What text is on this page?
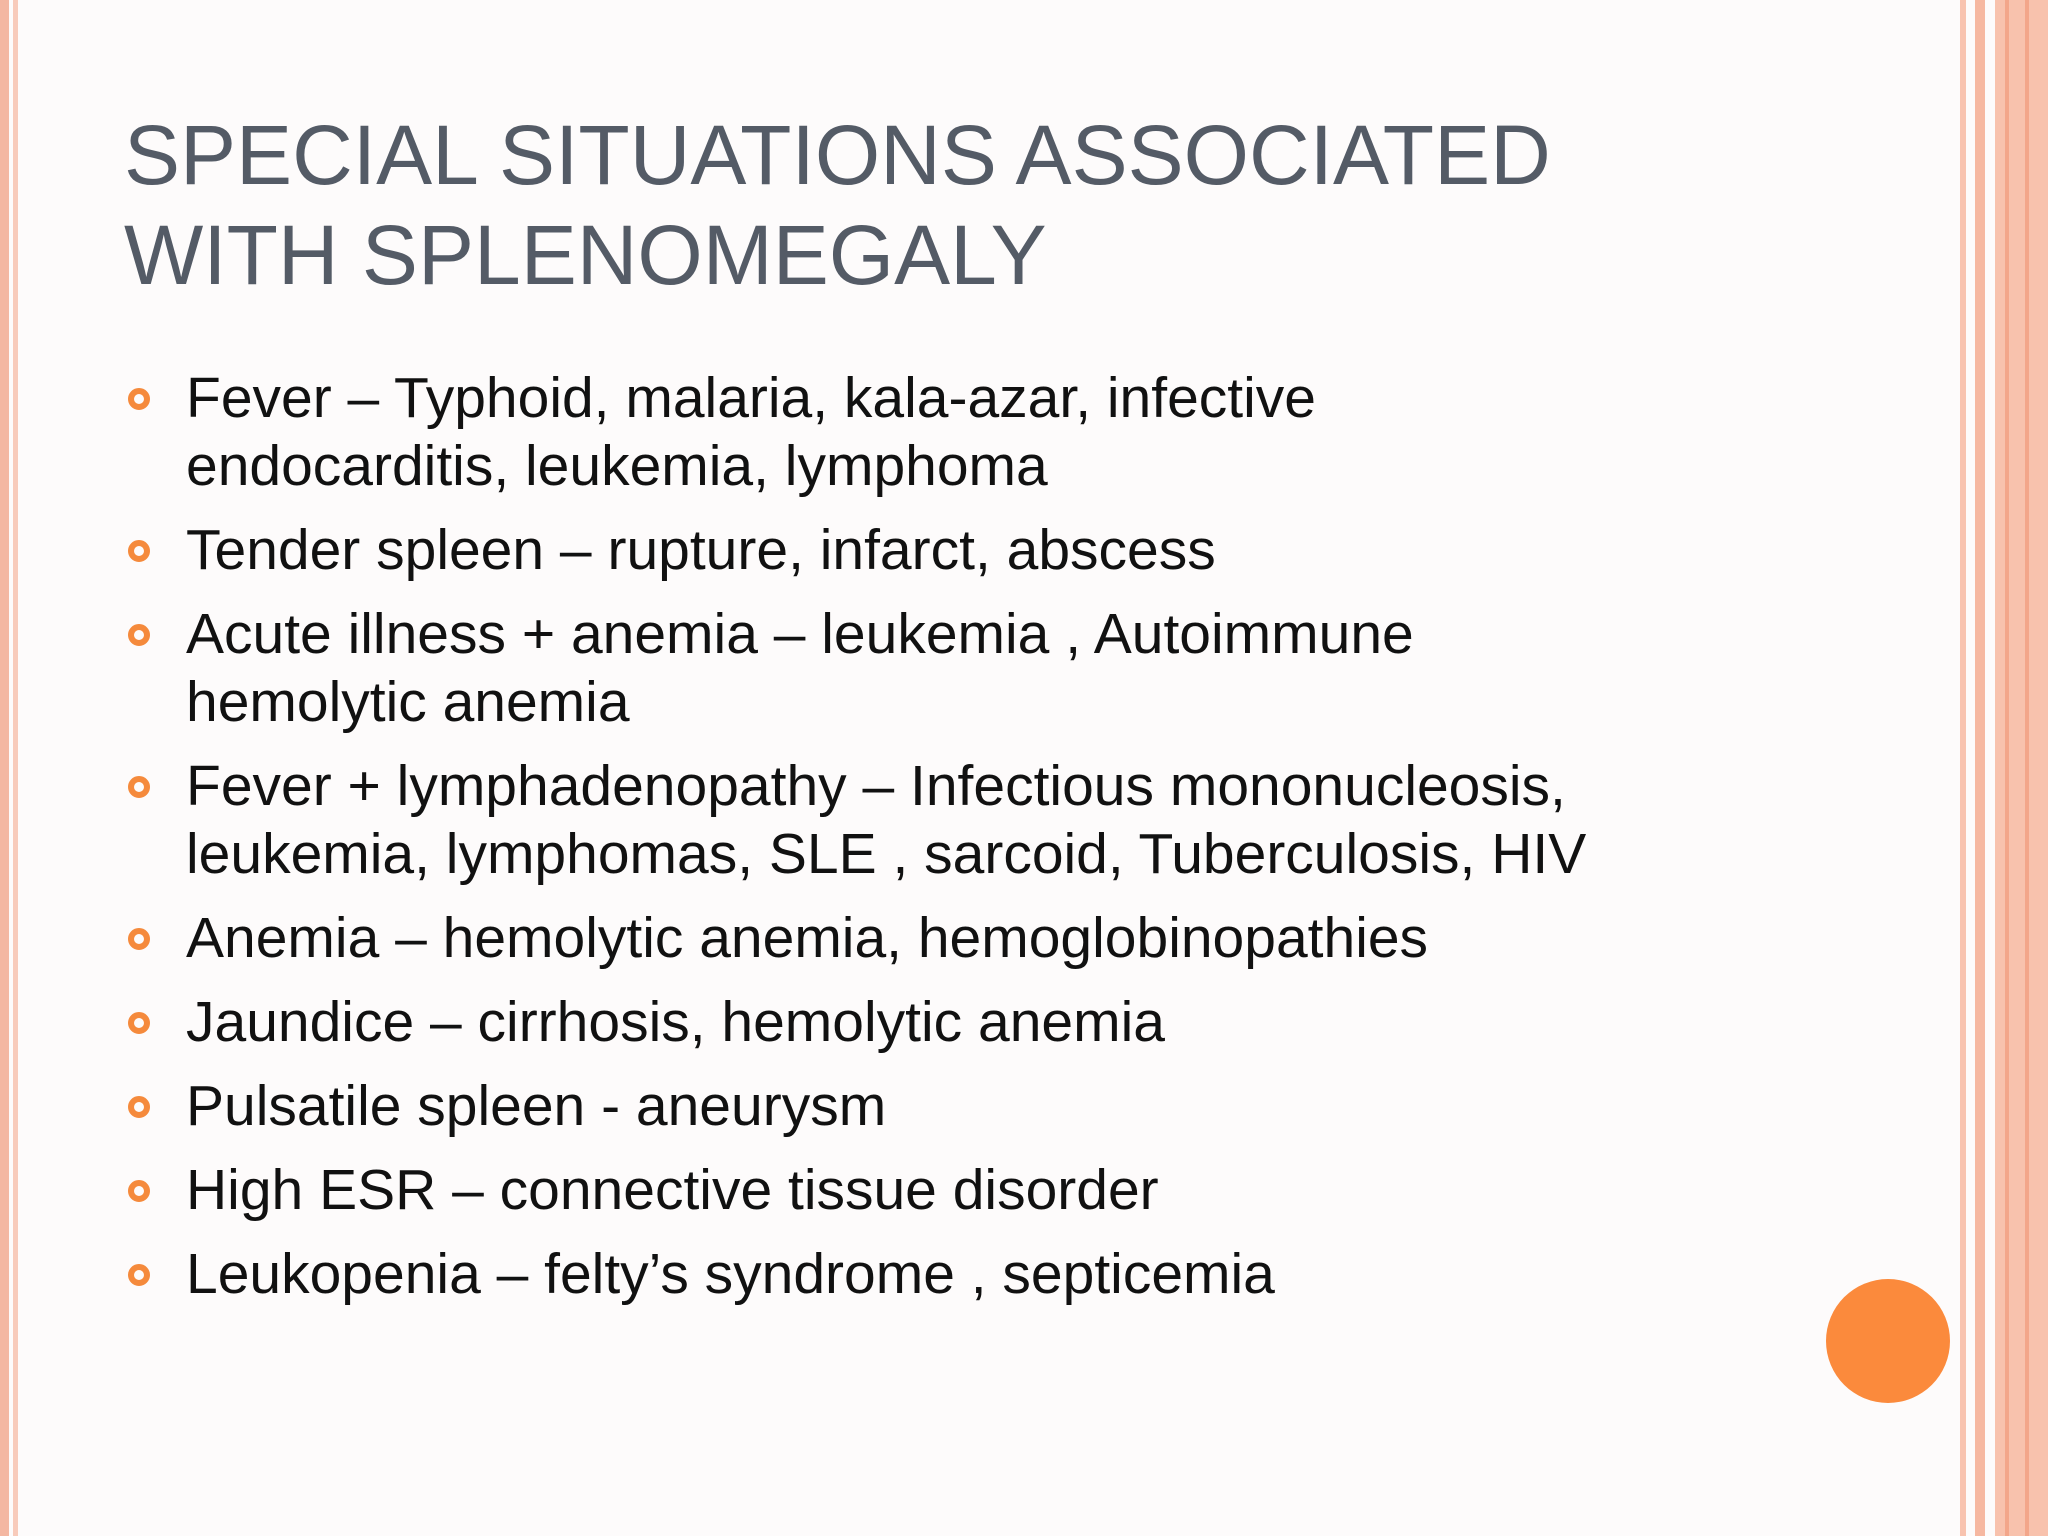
SPECIAL SITUATIONS ASSOCIATED
WITH SPLENOMEGALY
Fever – Typhoid, malaria, kala-azar, infective
endocarditis, leukemia, lymphoma
Tender spleen – rupture, infarct, abscess
Acute illness + anemia – leukemia , Autoimmune
hemolytic anemia
Fever + lymphadenopathy – Infectious mononucleosis,
leukemia, lymphomas, SLE , sarcoid, Tuberculosis, HIV
Anemia – hemolytic anemia, hemoglobinopathies
Jaundice – cirrhosis, hemolytic anemia
Pulsatile spleen - aneurysm
High ESR – connective tissue disorder
Leukopenia – felty’s syndrome , septicemia
